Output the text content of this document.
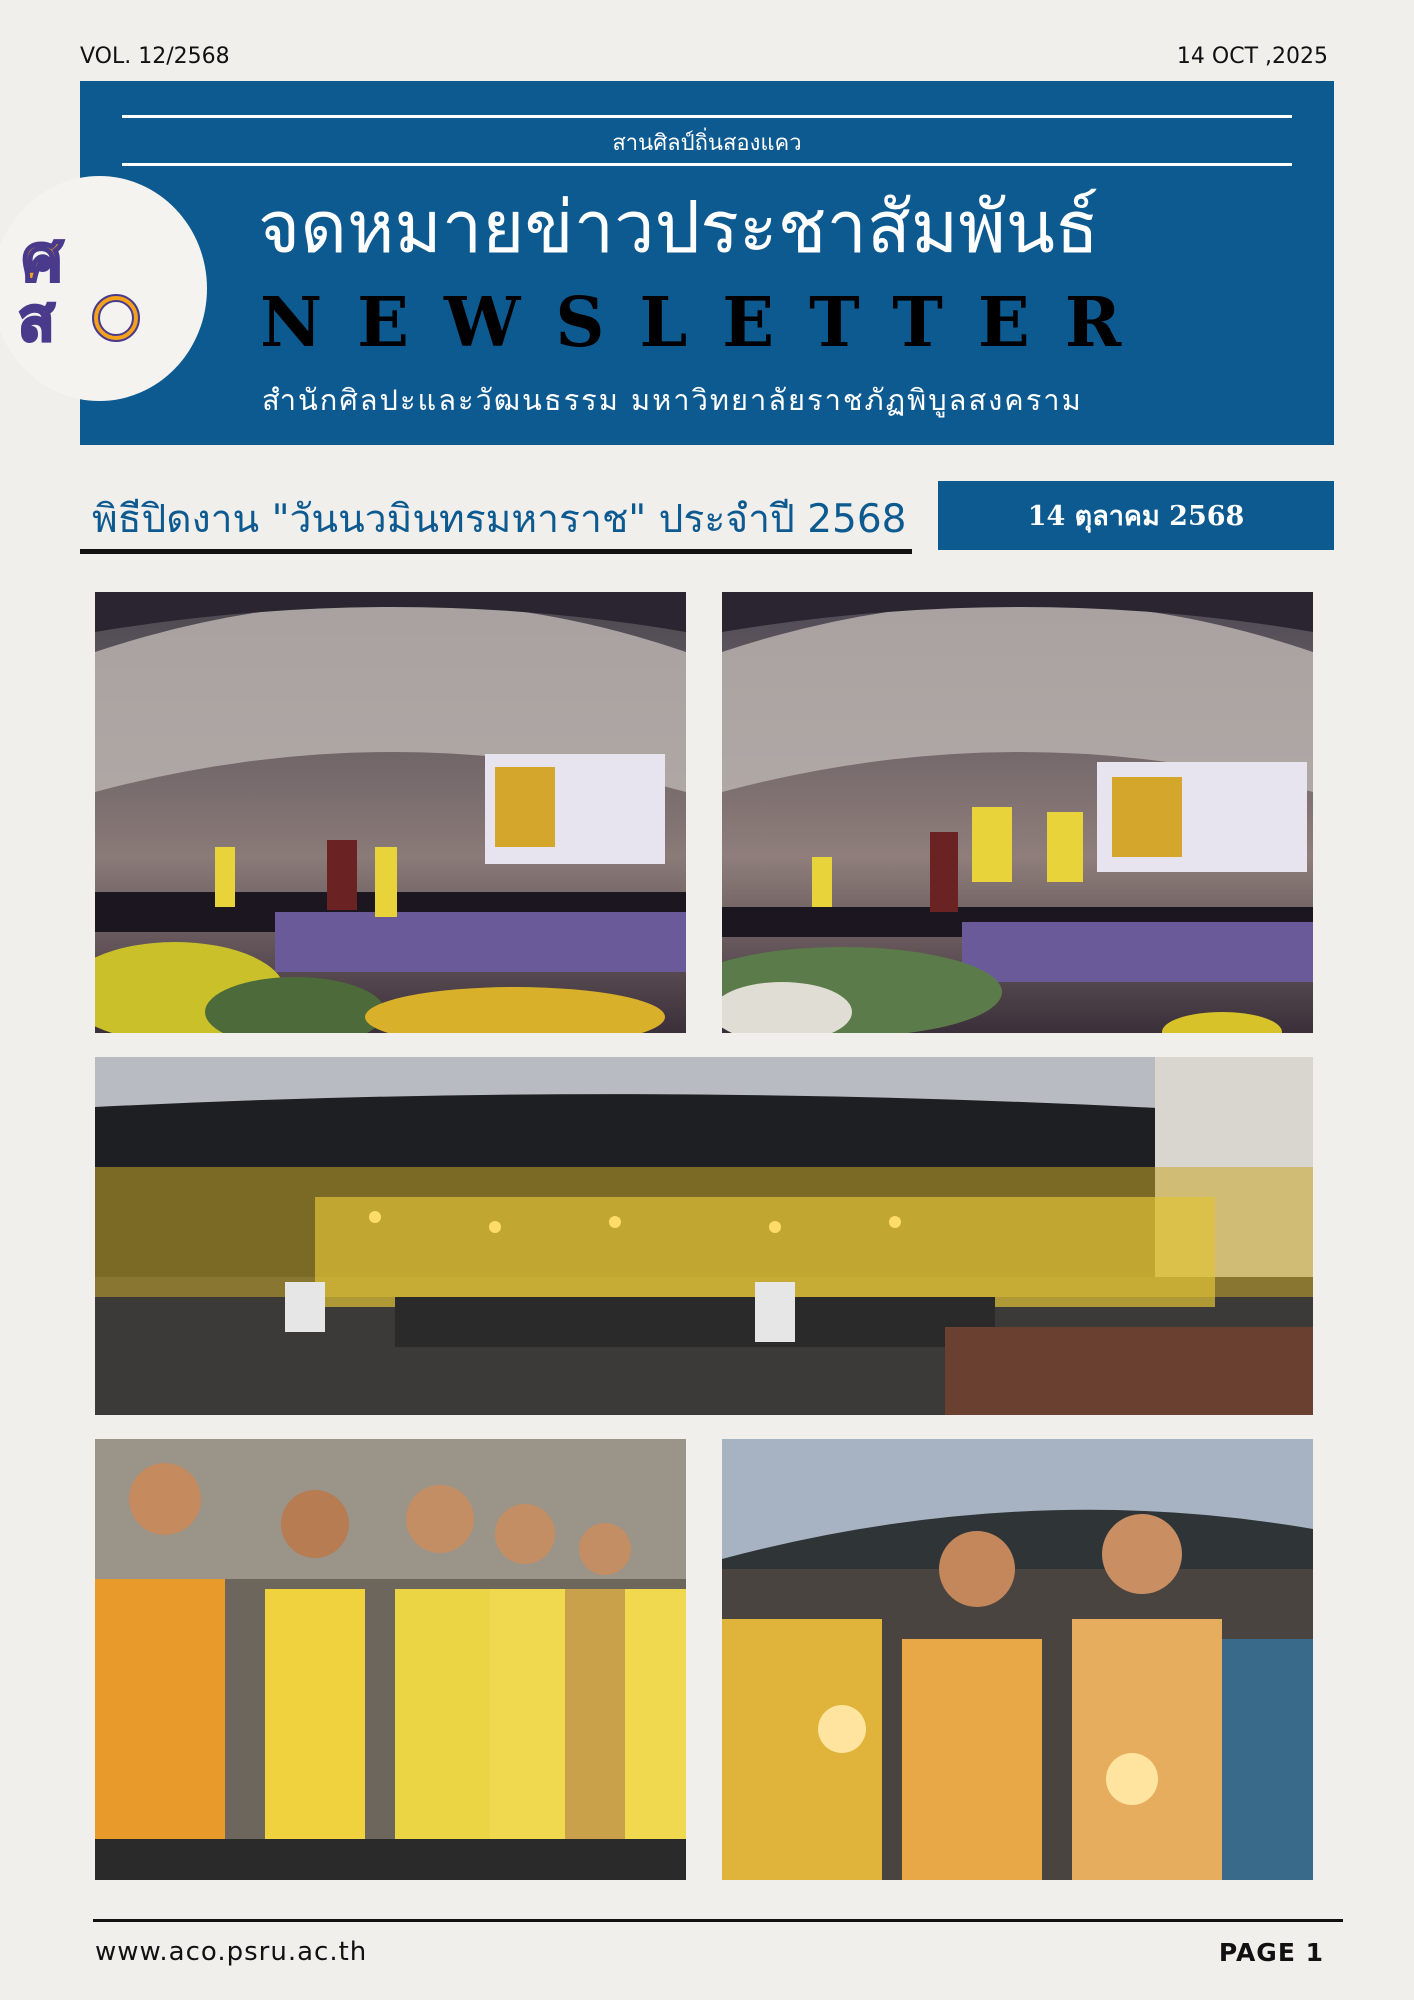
VOL. 12/2568	14 OCT ,2025
สานศิลป์ถิ่นสองแคว
จดหมายข่าวประชาสัมพันธ์
NEWSLETTER
สำนักศิลปะและวัฒนธรรม มหาวิทยาลัยราชภัฏพิบูลสงคราม
ศ
ส
พิธีปิดงาน "วันนวมินทรมหาราช" ประจำปี 2568	14 ตุลาคม 2568
www.aco.psru.ac.th	PAGE 1
